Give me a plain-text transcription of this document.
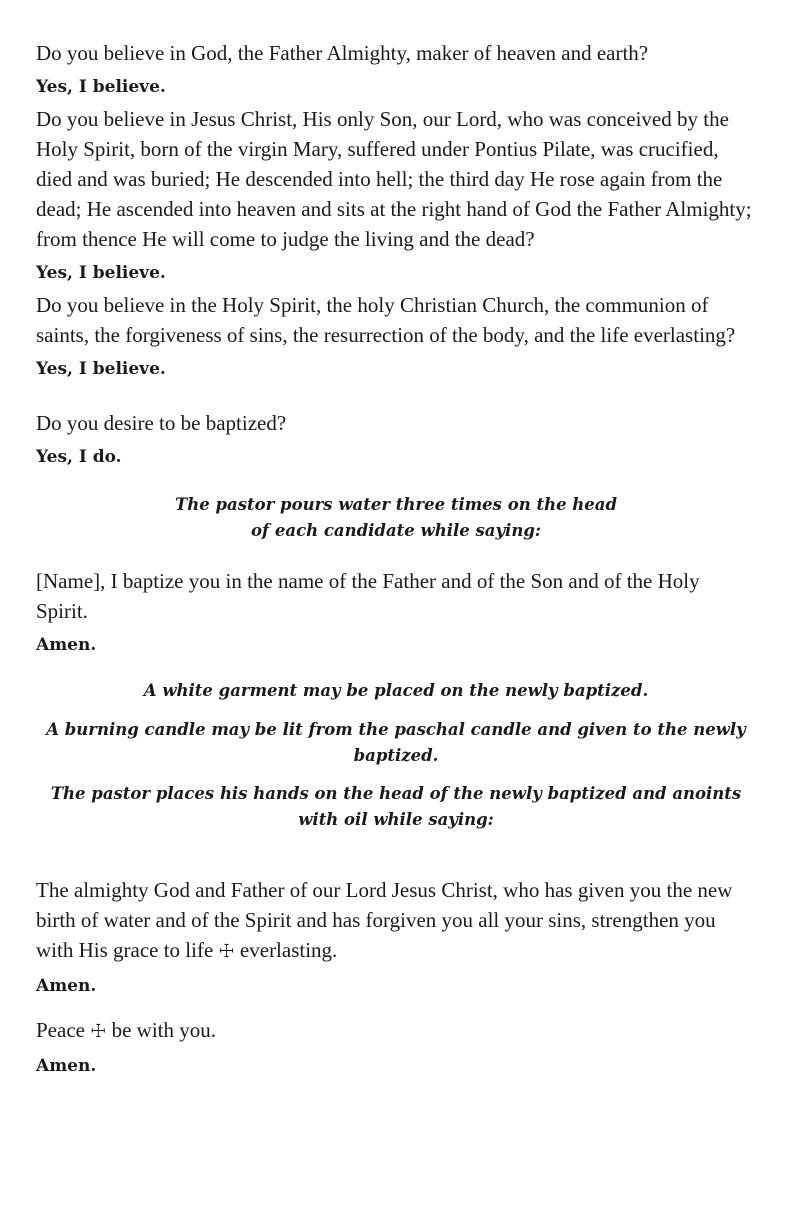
Do you believe in God, the Father Almighty, maker of heaven and earth?

Yes, I believe.

Do you believe in Jesus Christ, His only Son, our Lord, who was conceived by the Holy Spirit, born of the virgin Mary, suffered under Pontius Pilate, was crucified, died and was buried; He descended into hell; the third day He rose again from the dead; He ascended into heaven and sits at the right hand of God the Father Almighty; from thence He will come to judge the living and the dead?

Yes, I believe.

Do you believe in the Holy Spirit, the holy Christian Church, the communion of saints, the forgiveness of sins, the resurrection of the body, and the life everlasting?

Yes, I believe.

Do you desire to be baptized?

Yes, I do.

The pastor pours water three times on the head

of each candidate while saying:

[Name], I baptize you in the name of the Father and of the Son and of the Holy Spirit.

Amen.

A white garment may be placed on the newly baptized.

A burning candle may be lit from the paschal candle and given to the newly baptized.

The pastor places his hands on the head of the newly baptized and anoints with oil while saying:

The almighty God and Father of our Lord Jesus Christ, who has given you the new birth of water and of the Spirit and has forgiven you all your sins, strengthen you with His grace to life ☩ everlasting.

Amen.

Peace ☩ be with you.

Amen.
